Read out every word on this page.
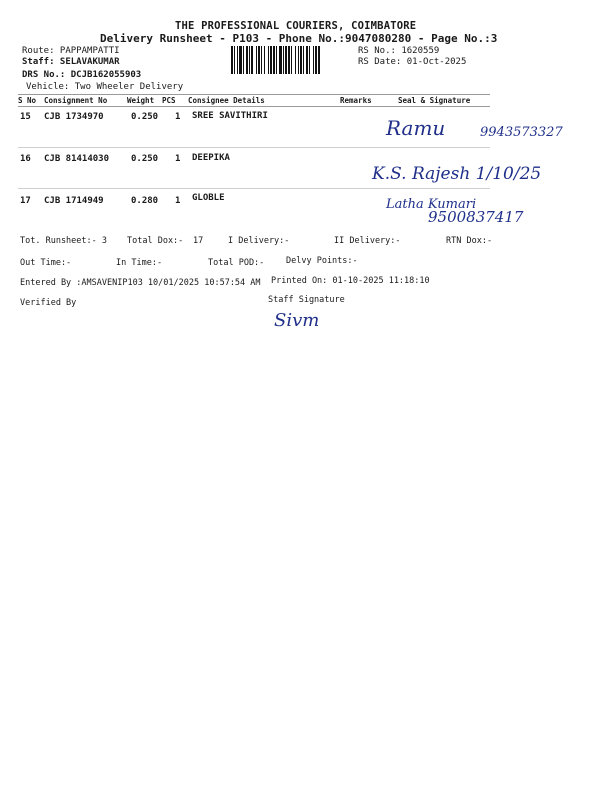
THE PROFESSIONAL COURIERS, COIMBATORE
Delivery Runsheet - P103 - Phone No.:9047080280 - Page No.:3
Route: PAPPAMPATTI
Staff: SELAVAKUMAR
DRS No.: DCJB162055903
Vehicle: Two Wheeler Delivery
RS No.: 1620559
RS Date: 01-Oct-2025
S No Consignment No	Weight PCS Consignee Details	Remarks	Seal & Signature
15 CJB 1734970	0.250 1 SREE SAVITHIRI	Ramu	9943573327
16 CJB 81414030 0.250 1 DEEPIKA
K.S. Rajesh 1/10/25
17 CJB 1714949	0.280 1 GLOBLE	Latha Kumari
9500837417
Tot. Runsheet:- 3 Total Dox:- 17	I Delivery:-	II Delivery:-	RTN Dox:-
Out Time:-	In Time:-	Total POD:-	Delvy Points:-
Entered By :AMSAVENIP103 10/01/2025 10:57:54 AM Printed On: 01-10-2025 11:18:10
Staff Signature
Verified By
Sivm
